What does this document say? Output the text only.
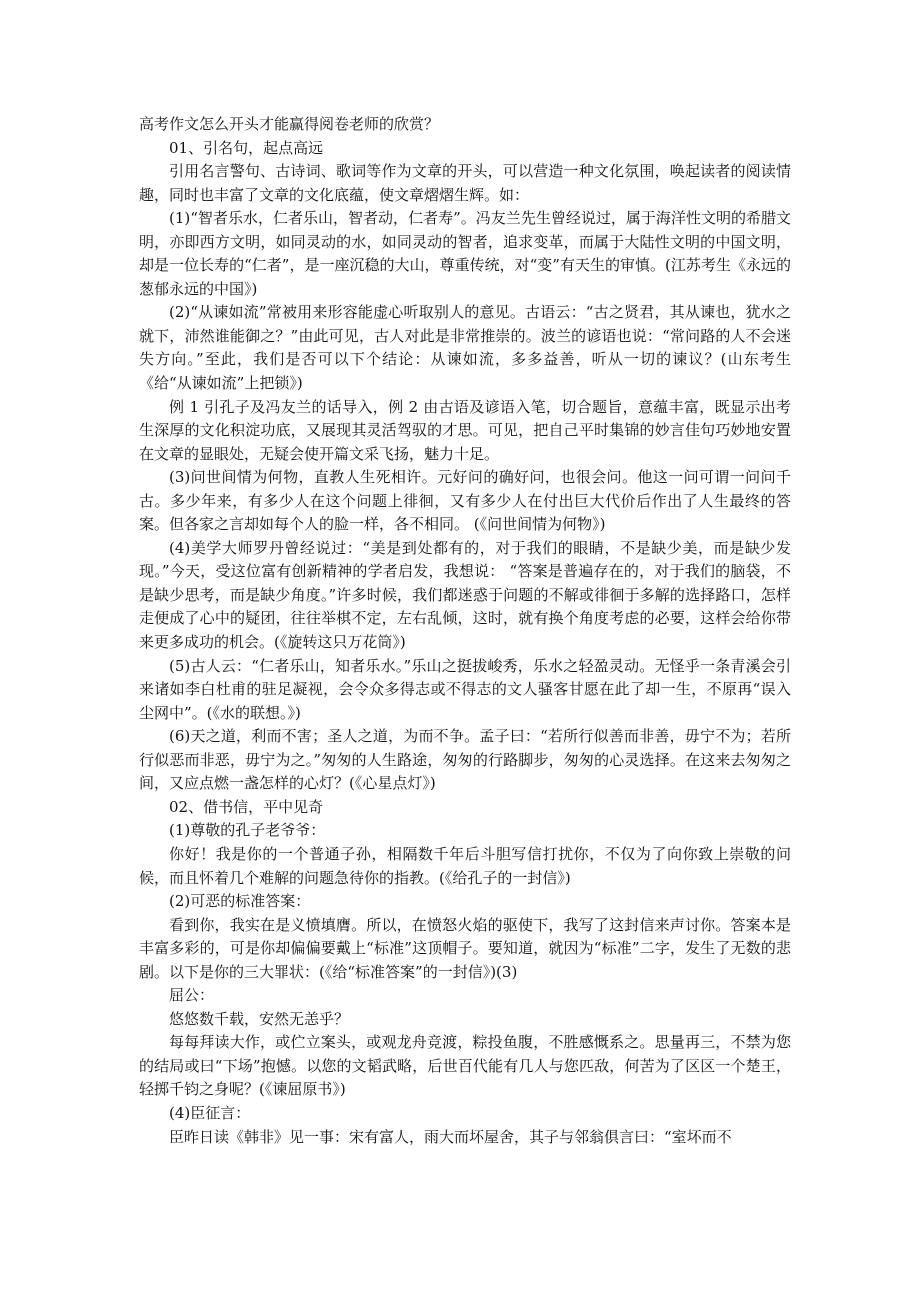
高考作文怎么开头才能赢得阅卷老师的欣赏？
01、引名句，起点高远
引用名言警句、古诗词、歌词等作为文章的开头，可以营造一种文化氛围，唤起读者的阅读情趣，同时也丰富了文章的文化底蕴，使文章熠熠生辉。如：
(1)“智者乐水，仁者乐山，智者动，仁者寿”。冯友兰先生曾经说过，属于海洋性文明的希腊文明，亦即西方文明，如同灵动的水，如同灵动的智者，追求变革，而属于大陆性文明的中国文明，却是一位长寿的“仁者”，是一座沉稳的大山，尊重传统，对“变”有天生的审慎。(江苏考生《永远的葱郁永远的中国》)
(2)“从谏如流”常被用来形容能虚心听取别人的意见。古语云：“古之贤君，其从谏也，犹水之就下，沛然谁能御之？”由此可见，古人对此是非常推崇的。波兰的谚语也说：“常问路的人不会迷失方向。”至此，我们是否可以下个结论：从谏如流，多多益善，听从一切的谏议？(山东考生《给“从谏如流”上把锁》)
例 1 引孔子及冯友兰的话导入，例 2 由古语及谚语入笔，切合题旨，意蕴丰富，既显示出考生深厚的文化积淀功底，又展现其灵活驾驭的才思。可见，把自己平时集锦的妙言佳句巧妙地安置在文章的显眼处，无疑会使开篇文采飞扬，魅力十足。
(3)问世间情为何物，直教人生死相许。元好问的确好问，也很会问。他这一问可谓一问问千古。多少年来，有多少人在这个问题上徘徊，又有多少人在付出巨大代价后作出了人生最终的答案。但各家之言却如每个人的脸一样，各不相同。 (《问世间情为何物》)
(4)美学大师罗丹曾经说过：“美是到处都有的，对于我们的眼睛，不是缺少美，而是缺少发现。”今天，受这位富有创新精神的学者启发，我想说： “答案是普遍存在的，对于我们的脑袋，不是缺少思考，而是缺少角度。”许多时候，我们都迷惑于问题的不解或徘徊于多解的选择路口，怎样走便成了心中的疑团，往往举棋不定，左右乱倾，这时，就有换个角度考虑的必要，这样会给你带来更多成功的机会。(《旋转这只万花筒》)
(5)古人云：“仁者乐山，知者乐水。”乐山之挺拔峻秀，乐水之轻盈灵动。无怪乎一条青溪会引来诸如李白杜甫的驻足凝视，会令众多得志或不得志的文人骚客甘愿在此了却一生，不原再“误入尘网中”。(《水的联想。》)
(6)天之道，利而不害；圣人之道，为而不争。孟子曰：“若所行似善而非善，毋宁不为；若所行似恶而非恶，毋宁为之。”匆匆的人生路途，匆匆的行路脚步，匆匆的心灵选择。在这来去匆匆之间，又应点燃一盏怎样的心灯？(《心星点灯》)
02、借书信，平中见奇
(1)尊敬的孔子老爷爷：
你好！我是你的一个普通子孙，相隔数千年后斗胆写信打扰你，不仅为了向你致上崇敬的问候，而且怀着几个难解的问题急待你的指教。(《给孔子的一封信》)
(2)可恶的标准答案：
看到你，我实在是义愤填膺。所以，在愤怒火焰的驱使下，我写了这封信来声讨你。答案本是丰富多彩的，可是你却偏偏要戴上“标准”这顶帽子。要知道，就因为“标准”二字，发生了无数的悲剧。以下是你的三大罪状：(《给“标准答案”的一封信》)(3)
屈公：
悠悠数千载，安然无恙乎？
每每拜读大作，或伫立案头，或观龙舟竞渡，粽投鱼腹，不胜感慨系之。思量再三，不禁为您的结局或曰“下场”抱憾。以您的文韬武略，后世百代能有几人与您匹敌，何苦为了区区一个楚王，轻掷千钧之身呢？(《谏屈原书》)
(4)臣征言：
臣昨日读《韩非》见一事：宋有富人，雨大而坏屋舍，其子与邻翁俱言曰：“室坏而不
